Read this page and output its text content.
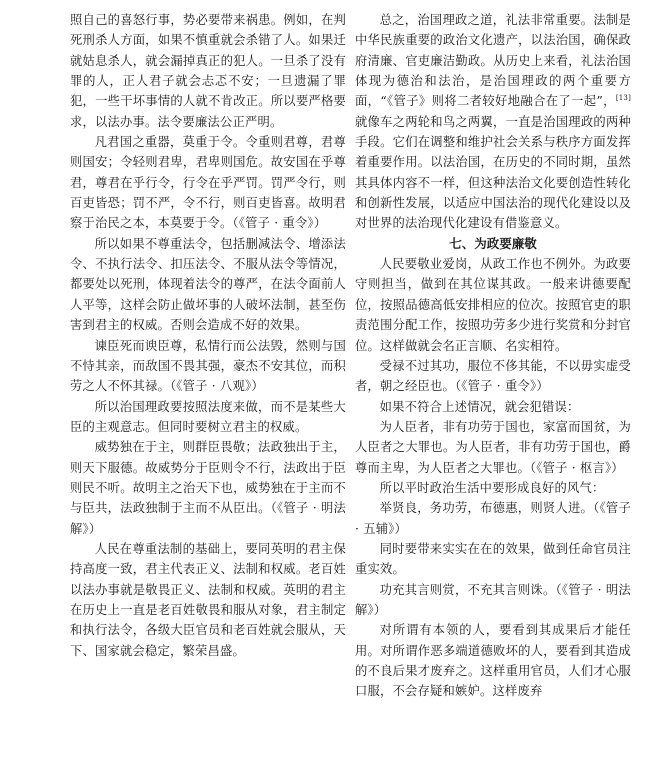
照自己的喜怒行事，势必要带来祸患。例如，在判死刑杀人方面，如果不慎重就会杀错了人。如果迁就姑息杀人，就会漏掉真正的犯人。一旦杀了没有罪的人，正人君子就会忐忑不安；一旦遗漏了罪犯，一些干坏事情的人就不肯改正。所以要严格要求，以法办事。法令要廉法公正严明。

凡君国之重器，莫重于令。令重则君尊，君尊则国安；令轻则君卑，君卑则国危。故安国在乎尊君，尊君在乎行令，行令在乎严罚。罚严令行，则百吏皆恐；罚不严，令不行，则百吏皆喜。故明君察于治民之本，本莫要于令。（《管子 · 重令》）

所以如果不尊重法令，包括删减法令、增添法令、不执行法令、扣压法令、不服从法令等情况，都要处以死刑，体现着法令的尊严，在法令面前人人平等，这样会防止做坏事的人破坏法制，甚至伤害到君主的权威。否则会造成不好的效果。

谏臣死而谀臣尊，私情行而公法毁，然则与国不恃其亲，而敌国不畏其强，豪杰不安其位，而积劳之人不怀其禄。（《管子 · 八观》）

所以治国理政要按照法度来做，而不是某些大臣的主观意志。但同时要树立君主的权威。

威势独在于主，则群臣畏敬；法政独出于主，则天下服德。故威势分于臣则令不行，法政出于臣则民不听。故明主之治天下也，威势独在于主而不与臣共，法政独制于主而不从臣出。（《管子 · 明法解》）

人民在尊重法制的基础上，要同英明的君主保持高度一致，君主代表正义、法制和权威。老百姓以法办事就是敬畏正义、法制和权威。英明的君主在历史上一直是老百姓敬畏和服从对象，君主制定和执行法令，各级大臣官员和老百姓就会服从，天下、国家就会稳定，繁荣昌盛。

总之，治国理政之道，礼法非常重要。法制是中华民族重要的政治文化遗产，以法治国，确保政府清廉、官吏廉洁勤政。从历史上来看，礼法治国体现为德治和法治，是治国理政的两个重要方面，“《管子》则将二者较好地融合在了一起”，[13]就像车之两轮和鸟之两翼，一直是治国理政的两种手段。它们在调整和维护社会关系与秩序方面发挥着重要作用。以法治国，在历史的不同时期，虽然其具体内容不一样，但这种法治文化要创造性转化和创新性发展，以适应中国法治的现代化建设以及对世界的法治现代化建设有借鉴意义。

七、为政要廉敬

人民要敬业爱岗，从政工作也不例外。为政要守则担当，做到在其位谋其政。一般来讲德要配位，按照品德高低安排相应的位次。按照官吏的职责范围分配工作，按照功劳多少进行奖赏和分封官位。这样做就会名正言顺、名实相符。

受禄不过其功，服位不侈其能，不以毋实虚受者，朝之经臣也。（《管子 · 重令》）

如果不符合上述情况，就会犯错误：

为人臣者，非有功劳于国也，家富而国贫，为人臣者之大罪也。为人臣者，非有功劳于国也，爵尊而主卑，为人臣者之大罪也。（《管子 · 枢言》）

所以平时政治生活中要形成良好的风气：

举贤良，务功劳，布德惠，则贤人进。（《管子 · 五辅》）

同时要带来实实在在的效果，做到任命官员注重实效。

功充其言则赏，不充其言则诛。（《管子 · 明法解》）

对所谓有本领的人，要看到其成果后才能任用。对所谓作恶多端道德败坏的人，要看到其造成的不良后果才废弃之。这样重用官员，人们才心服口服，不会存疑和嫉妒。这样废弃
